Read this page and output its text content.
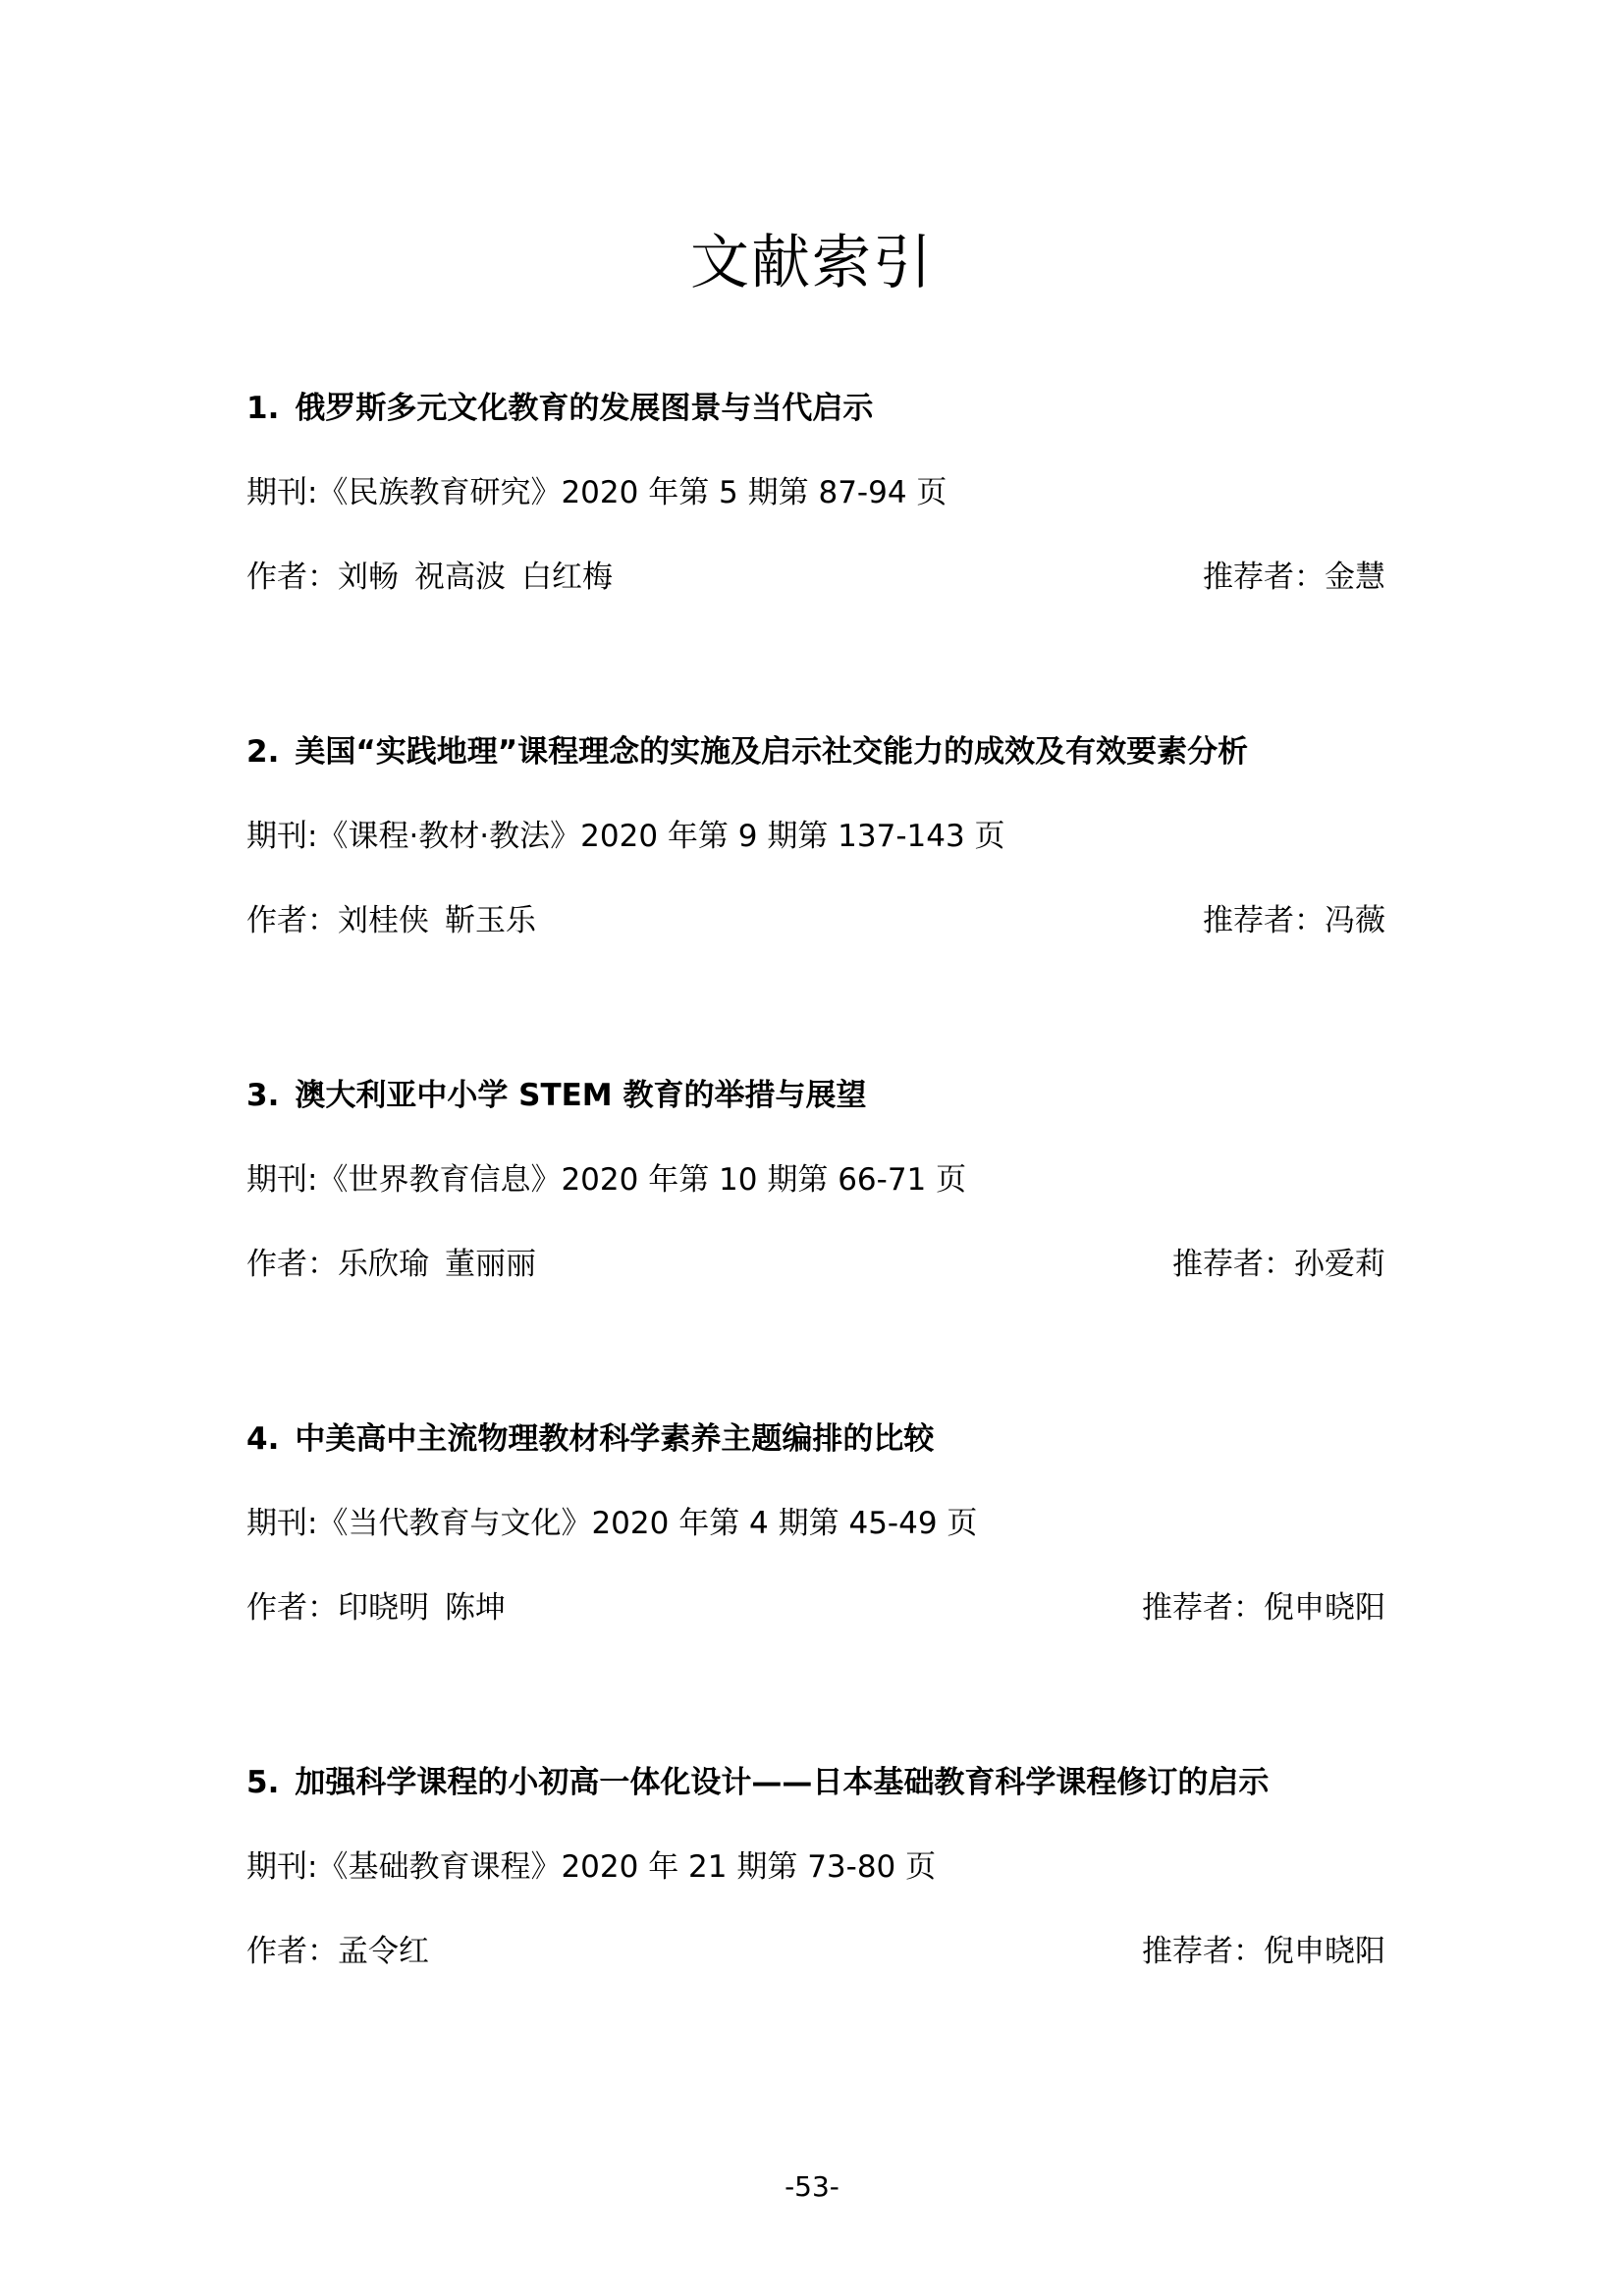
文献索引
1. 俄罗斯多元文化教育的发展图景与当代启示
期刊:《民族教育研究》2020 年第 5 期第 87-94 页
作者：刘畅 祝高波 白红梅	推荐者：金慧
2. 美国“实践地理”课程理念的实施及启示社交能力的成效及有效要素分析
期刊:《课程·教材·教法》2020 年第 9 期第 137-143 页
作者：刘桂侠 靳玉乐	推荐者：冯薇
3. 澳大利亚中小学 STEM 教育的举措与展望
期刊:《世界教育信息》2020 年第 10 期第 66-71 页
作者：乐欣瑜 董丽丽	推荐者：孙爱莉
4. 中美高中主流物理教材科学素养主题编排的比较
期刊:《当代教育与文化》2020 年第 4 期第 45-49 页
作者：印晓明 陈坤	推荐者：倪申晓阳
5. 加强科学课程的小初高一体化设计——日本基础教育科学课程修订的启示
期刊:《基础教育课程》2020 年 21 期第 73-80 页
作者：孟令红	推荐者：倪申晓阳
-53-
